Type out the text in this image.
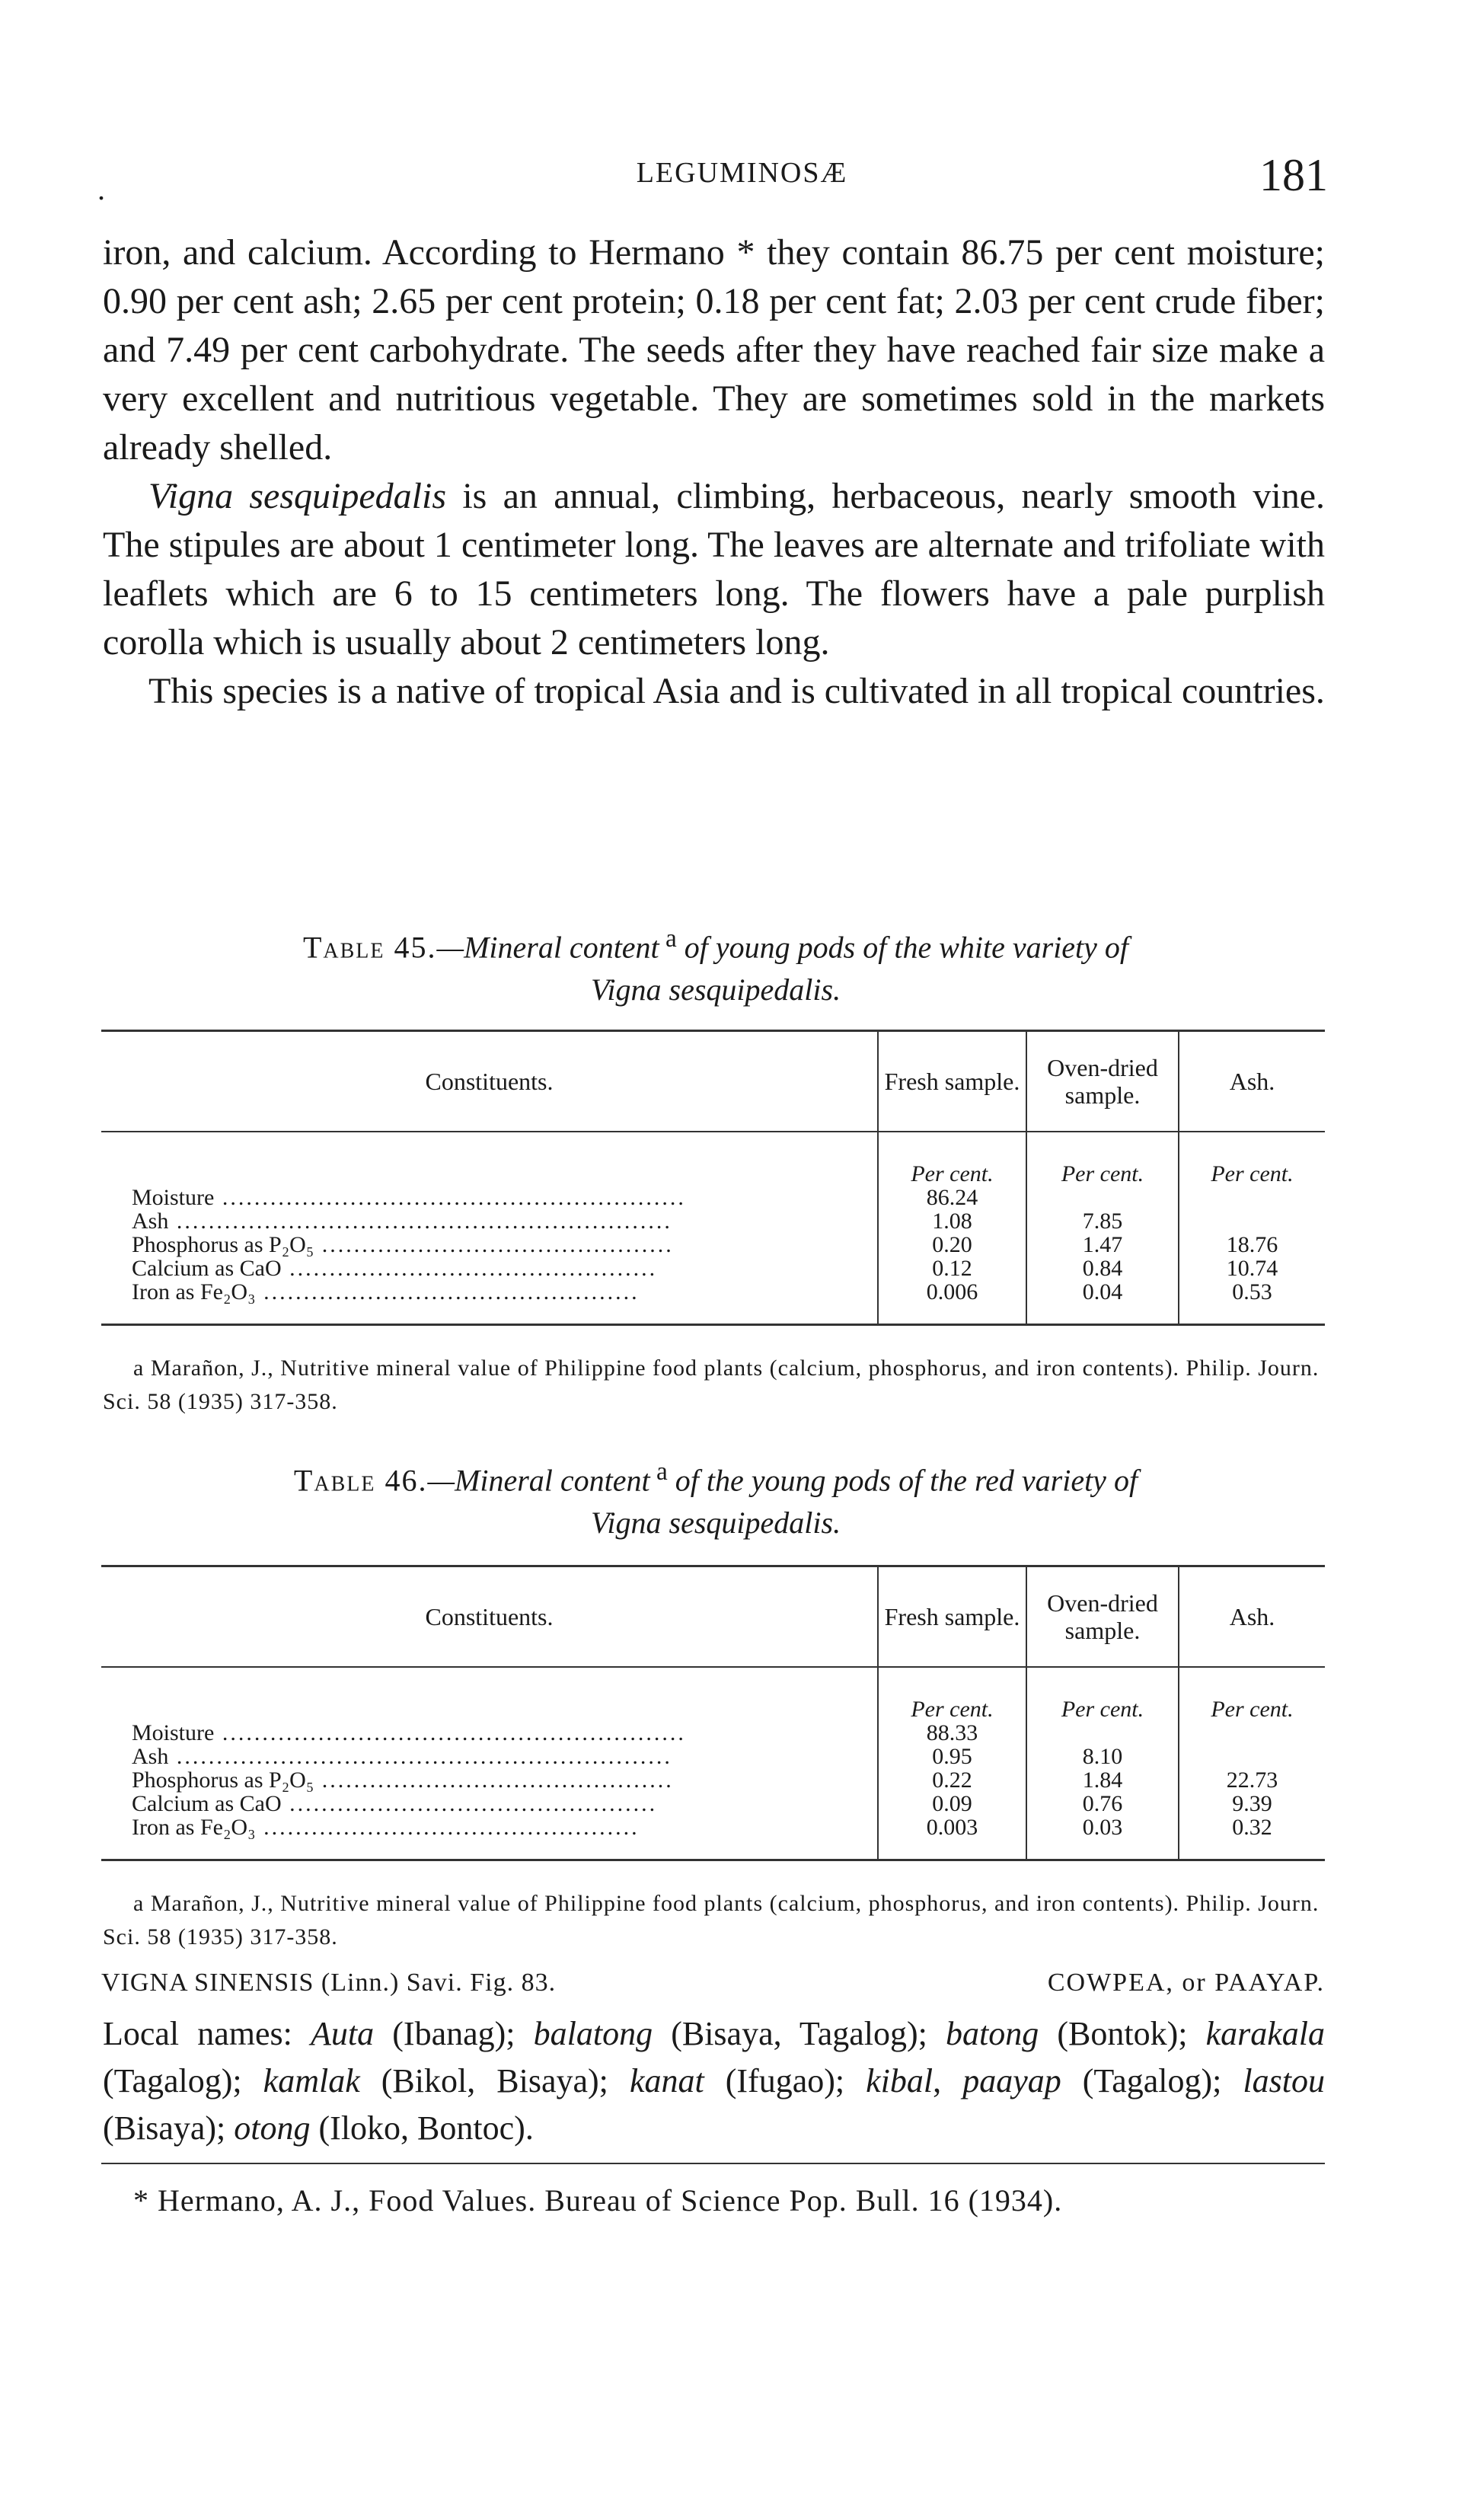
.	LEGUMINOSÆ	181

iron, and calcium. According to Hermano * they contain 86.75 per cent moisture; 0.90 per cent ash; 2.65 per cent protein; 0.18 per cent fat; 2.03 per cent crude fiber; and 7.49 per cent carbohydrate. The seeds after they have reached fair size make a very excellent and nutritious vegetable. They are sometimes sold in the markets already shelled.

Vigna sesquipedalis is an annual, climbing, herbaceous, nearly smooth vine. The stipules are about 1 centimeter long. The leaves are alternate and trifoliate with leaflets which are 6 to 15 centimeters long. The flowers have a pale purplish corolla which is usually about 2 centimeters long.

This species is a native of tropical Asia and is cultivated in all tropical countries.

Table 45.—Mineral content $^a$ of young pods of the white variety of
Vigna sesquipedalis.
Constituents.	Fresh sample.	Oven-dried sample.	Ash.
	Per cent.	Per cent.	Per cent.
Moisture ..........................................................	86.24		
Ash ..............................................................	1.08	7.85	
Phosphorus as P₂O₅ ............................................	0.20	1.47	18.76
Calcium as CaO ..............................................	0.12	0.84	10.74
Iron as Fe₂O₃ ...............................................	0.006	0.04	0.53
a Marañon, J., Nutritive mineral value of Philippine food plants (calcium, phosphorus, and iron contents). Philip. Journ. Sci. 58 (1935) 317-358.
Table 46.—Mineral content $^a$ of the young pods of the red variety of
Vigna sesquipedalis.
Constituents.	Fresh sample.	Oven-dried sample.	Ash.
	Per cent.	Per cent.	Per cent.
Moisture ..........................................................	88.33		
Ash ..............................................................	0.95	8.10	
Phosphorus as P₂O₅ ............................................	0.22	1.84	22.73
Calcium as CaO ..............................................	0.09	0.76	9.39
Iron as Fe₂O₃ ...............................................	0.003	0.03	0.32
a Marañon, J., Nutritive mineral value of Philippine food plants (calcium, phosphorus, and iron contents). Philip. Journ. Sci. 58 (1935) 317-358.
VIGNA SINENSIS (Linn.) Savi. Fig. 83.	COWPEA, or PAAYAP.
Local names: Auta (Ibanag); balatong (Bisaya, Tagalog); batong (Bontok); karakala (Tagalog); kamlak (Bikol, Bisaya); kanat (Ifugao); kibal, paayap (Tagalog); lastou (Bisaya); otong (Iloko, Bontoc).
* Hermano, A. J., Food Values. Bureau of Science Pop. Bull. 16 (1934).
